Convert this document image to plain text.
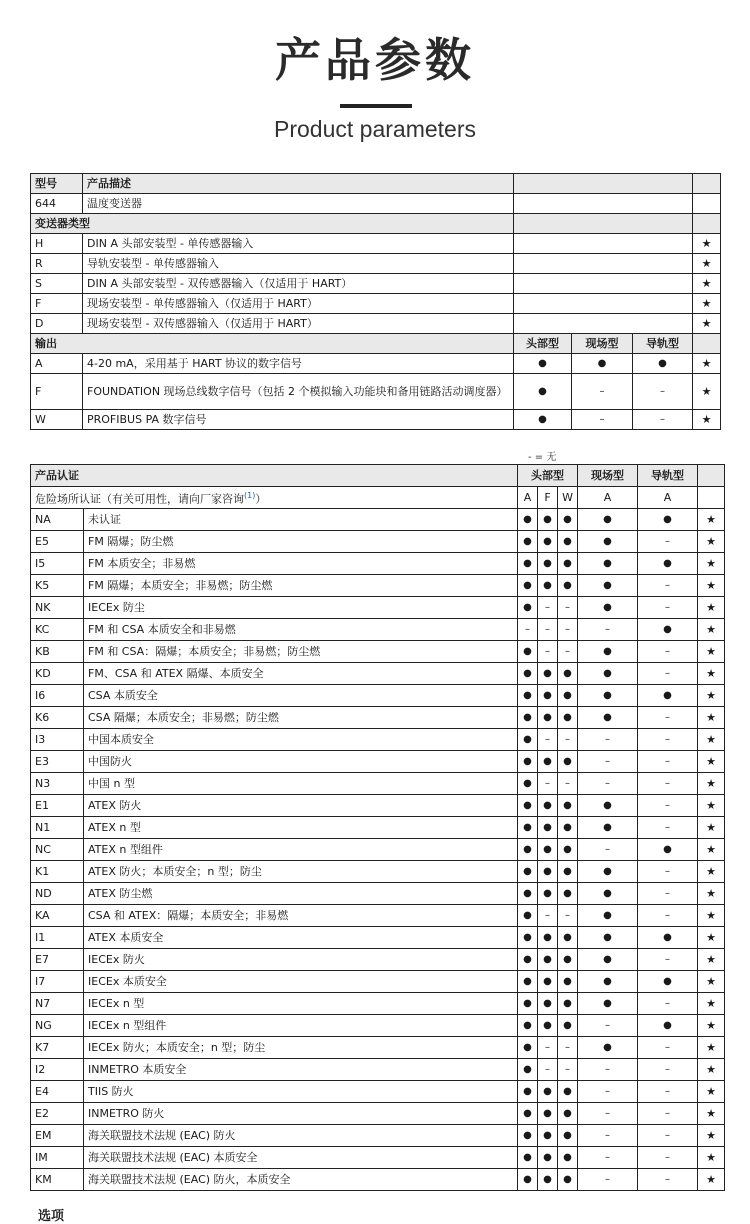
产品参数
Product parameters
型号	产品描述				
644	温度变送器				
变送器类型					
H	DIN A 头部安装型 - 单传感器输入				★
R	导轨安装型 - 单传感器输入				★
S	DIN A 头部安装型 - 双传感器输入（仅适用于 HART）				★
F	现场安装型 - 单传感器输入（仅适用于 HART）				★
D	现场安装型 - 双传感器输入（仅适用于 HART）				★
输出		头部型	现场型	导轨型	
A	4-20 mA，采用基于 HART 协议的数字信号	●	●	●	★
F	FOUNDATION 现场总线数字信号（包括 2 个模拟输入功能块和备用链路活动调度器）	●	–	–	★
W	PROFIBUS PA 数字信号	●	–	–	★
- = 无
产品认证		头部型			现场型	导轨型	
危险场所认证（有关可用性，请向厂家咨询$^{(1)}$）		A	F	W	A	A	
NA	未认证	●	●	●	●	●	★
E5	FM 隔爆；防尘燃	●	●	●	●	–	★
I5	FM 本质安全；非易燃	●	●	●	●	●	★
K5	FM 隔爆；本质安全；非易燃；防尘燃	●	●	●	●	–	★
NK	IECEx 防尘	●	–	–	●	–	★
KC	FM 和 CSA 本质安全和非易燃	–	–	–	–	●	★
KB	FM 和 CSA：隔爆；本质安全；非易燃；防尘燃	●	–	–	●	–	★
KD	FM、CSA 和 ATEX 隔爆、本质安全	●	●	●	●	–	★
I6	CSA 本质安全	●	●	●	●	●	★
K6	CSA 隔爆；本质安全；非易燃；防尘燃	●	●	●	●	–	★
I3	中国本质安全	●	–	–	–	–	★
E3	中国防火	●	●	●	–	–	★
N3	中国 n 型	●	–	–	–	–	★
E1	ATEX 防火	●	●	●	●	–	★
N1	ATEX n 型	●	●	●	●	–	★
NC	ATEX n 型组件	●	●	●	–	●	★
K1	ATEX 防火；本质安全；n 型；防尘	●	●	●	●	–	★
ND	ATEX 防尘燃	●	●	●	●	–	★
KA	CSA 和 ATEX：隔爆；本质安全；非易燃	●	–	–	●	–	★
I1	ATEX 本质安全	●	●	●	●	●	★
E7	IECEx 防火	●	●	●	●	–	★
I7	IECEx 本质安全	●	●	●	●	●	★
N7	IECEx n 型	●	●	●	●	–	★
NG	IECEx n 型组件	●	●	●	–	●	★
K7	IECEx 防火；本质安全；n 型；防尘	●	–	–	●	–	★
I2	INMETRO 本质安全	●	–	–	–	–	★
E4	TIIS 防火	●	●	●	–	–	★
E2	INMETRO 防火	●	●	●	–	–	★
EM	海关联盟技术法规 (EAC) 防火	●	●	●	–	–	★
IM	海关联盟技术法规 (EAC) 本质安全	●	●	●	–	–	★
KM	海关联盟技术法规 (EAC) 防火，本质安全	●	●	●	–	–	★
选项
